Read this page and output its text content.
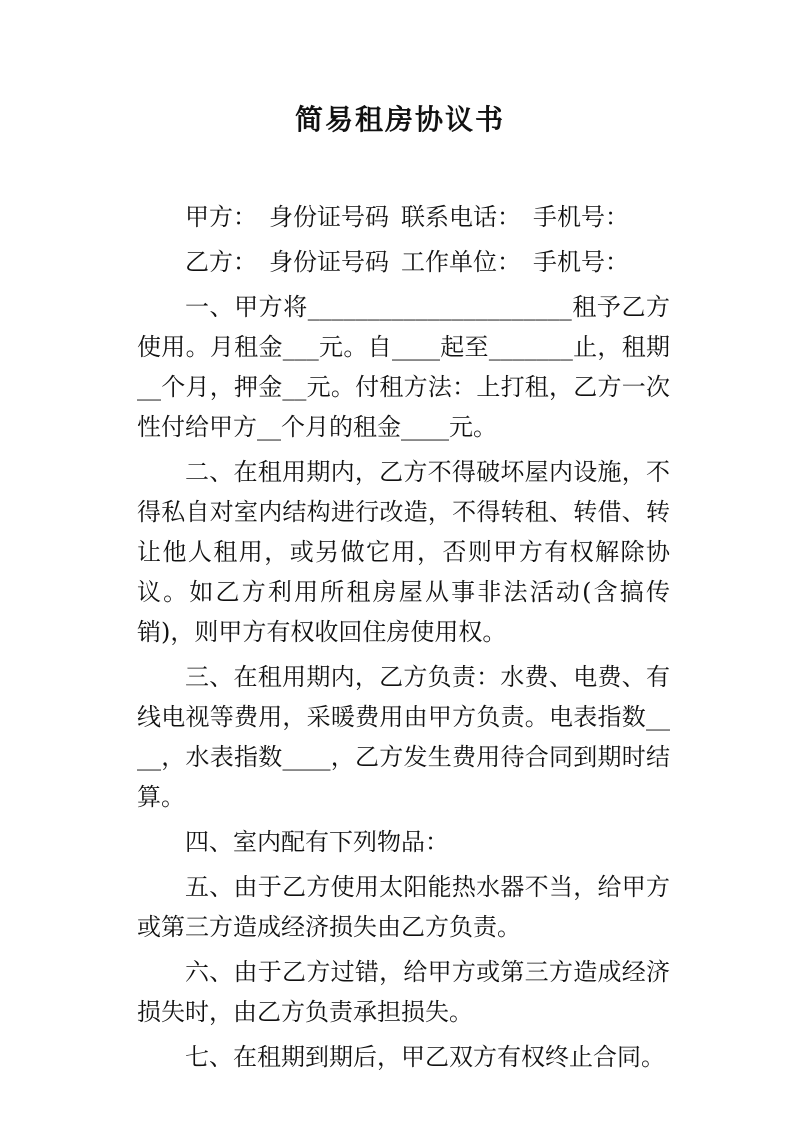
简易租房协议书

甲方： 身份证号码 联系电话： 手机号：

乙方： 身份证号码 工作单位： 手机号：

一、甲方将______________________租予乙方使用。月租金___元。自____起至_______止，租期__个月，押金__元。付租方法：上打租，乙方一次性付给甲方__个月的租金____元。

二、在租用期内，乙方不得破坏屋内设施，不得私自对室内结构进行改造，不得转租、转借、转让他人租用，或另做它用，否则甲方有权解除协议。如乙方利用所租房屋从事非法活动(含搞传销)，则甲方有权收回住房使用权。

三、在租用期内，乙方负责：水费、电费、有线电视等费用，采暖费用由甲方负责。电表指数____，水表指数____，乙方发生费用待合同到期时结算。

四、室内配有下列物品：

五、由于乙方使用太阳能热水器不当，给甲方或第三方造成经济损失由乙方负责。

六、由于乙方过错，给甲方或第三方造成经济损失时，由乙方负责承担损失。

七、在租期到期后，甲乙双方有权终止合同。
